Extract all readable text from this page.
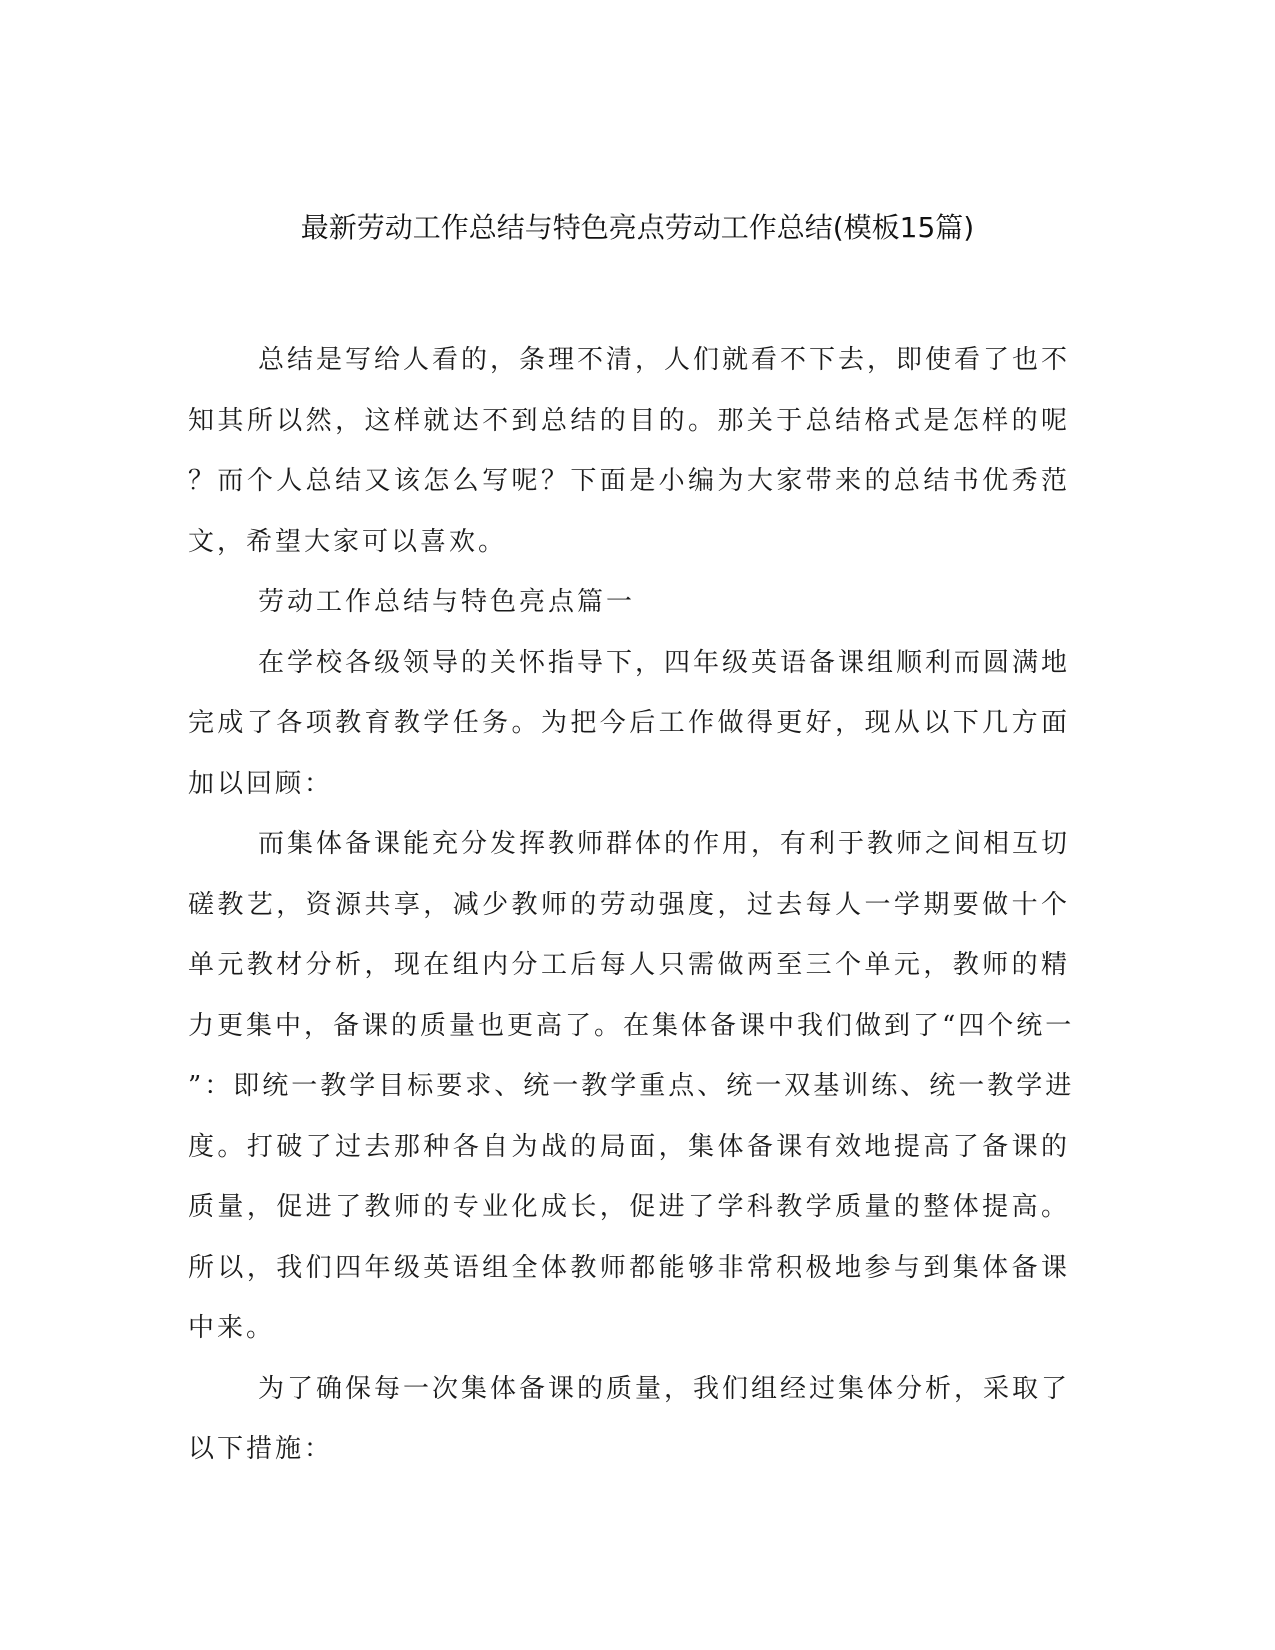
最新劳动工作总结与特色亮点劳动工作总结(模板15篇)
总结是写给人看的，条理不清，人们就看不下去，即使看了也不
知其所以然，这样就达不到总结的目的。那关于总结格式是怎样的呢
？而个人总结又该怎么写呢？下面是小编为大家带来的总结书优秀范
文，希望大家可以喜欢。
劳动工作总结与特色亮点篇一
在学校各级领导的关怀指导下，四年级英语备课组顺利而圆满地
完成了各项教育教学任务。为把今后工作做得更好，现从以下几方面
加以回顾：
而集体备课能充分发挥教师群体的作用，有利于教师之间相互切
磋教艺，资源共享，减少教师的劳动强度，过去每人一学期要做十个
单元教材分析，现在组内分工后每人只需做两至三个单元，教师的精
力更集中，备课的质量也更高了。在集体备课中我们做到了“四个统一
”：即统一教学目标要求、统一教学重点、统一双基训练、统一教学进
度。打破了过去那种各自为战的局面，集体备课有效地提高了备课的
质量，促进了教师的专业化成长，促进了学科教学质量的整体提高。
所以，我们四年级英语组全体教师都能够非常积极地参与到集体备课
中来。
为了确保每一次集体备课的质量，我们组经过集体分析，采取了
以下措施：
